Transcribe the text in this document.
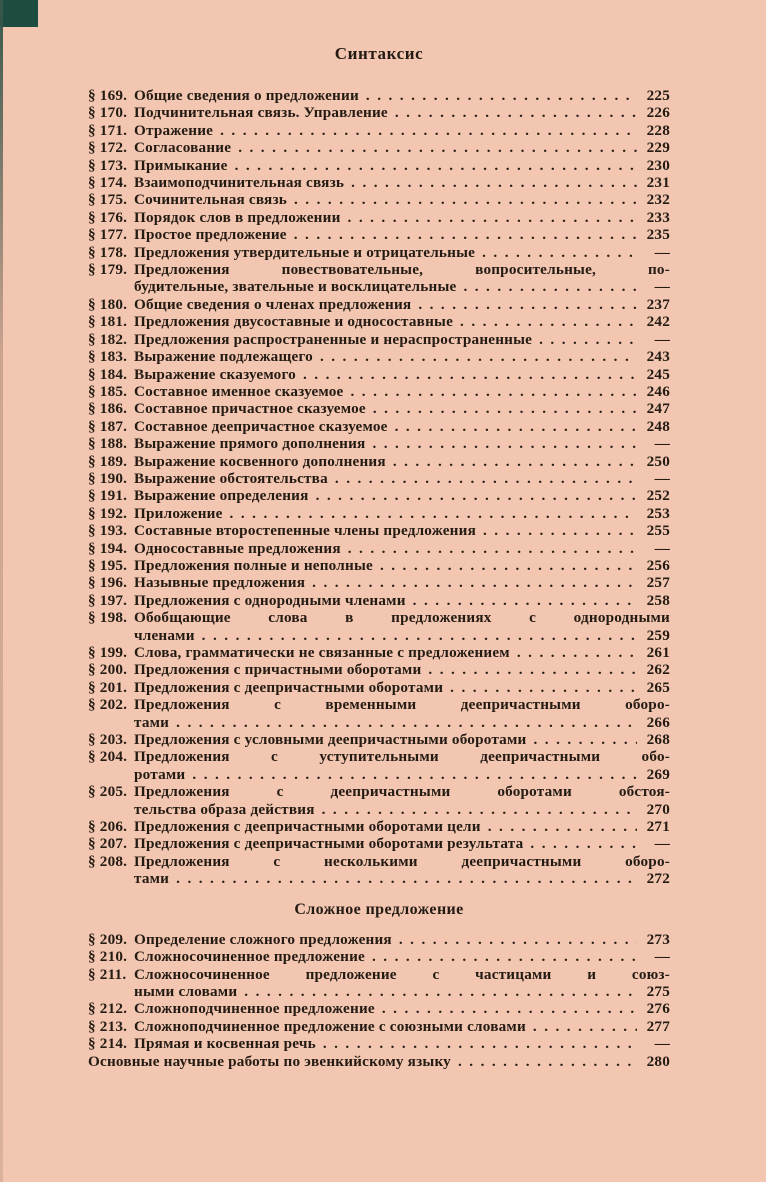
Синтаксис
§ 169. Общие сведения о предложении .....	225
§ 170. Подчинительная связь. Управление .....	226
§ 171. Отражение .....	228
§ 172. Согласование .....	229
§ 173. Примыкание .....	230
§ 174. Взаимоподчинительная связь .....	231
§ 175. Сочинительная связь .....	232
§ 176. Порядок слов в предложении .....	233
§ 177. Простое предложение .....	235
§ 178. Предложения утвердительные и отрицательные .....	—
§ 179. Предложения повествовательные, вопросительные, по-
будительные, звательные и восклицательные .....	—
§ 180. Общие сведения о членах предложения .....	237
§ 181. Предложения двусоставные и односоставные .....	242
§ 182. Предложения распространенные и нераспространенные .....	—
§ 183. Выражение подлежащего .....	243
§ 184. Выражение сказуемого .....	245
§ 185. Составное именное сказуемое .....	246
§ 186. Составное причастное сказуемое .....	247
§ 187. Составное деепричастное сказуемое .....	248
§ 188. Выражение прямого дополнения .....	—
§ 189. Выражение косвенного дополнения .....	250
§ 190. Выражение обстоятельства .....	—
§ 191. Выражение определения .....	252
§ 192. Приложение .....	253
§ 193. Составные второстепенные члены предложения .....	255
§ 194. Односоставные предложения .....	—
§ 195. Предложения полные и неполные .....	256
§ 196. Назывные предложения .....	257
§ 197. Предложения с однородными членами .....	258
§ 198. Обобщающие слова в предложениях с однородными
членами .....	259
§ 199. Слова, грамматически не связанные с предложением .....	261
§ 200. Предложения с причастными оборотами .....	262
§ 201. Предложения с деепричастными оборотами .....	265
§ 202. Предложения с временными деепричастными оборо-
тами .....	266
§ 203. Предложения с условными деепричастными оборотами .....	268
§ 204. Предложения с уступительными деепричастными обо-
ротами .....	269
§ 205. Предложения с деепричастными оборотами обстоя-
тельства образа действия .....	270
§ 206. Предложения с деепричастными оборотами цели .....	271
§ 207. Предложения с деепричастными оборотами результата .....	—
§ 208. Предложения с несколькими деепричастными оборо-
тами .....	272
Сложное предложение
§ 209. Определение сложного предложения .....	273
§ 210. Сложносочиненное предложение .....	—
§ 211. Сложносочиненное предложение с частицами и союз-
ными словами .....	275
§ 212. Сложноподчиненное предложение .....	276
§ 213. Сложноподчиненное предложение с союзными словами .....	277
§ 214. Прямая и косвенная речь .....	—
Основные научные работы по эвенкийскому языку .....	280
